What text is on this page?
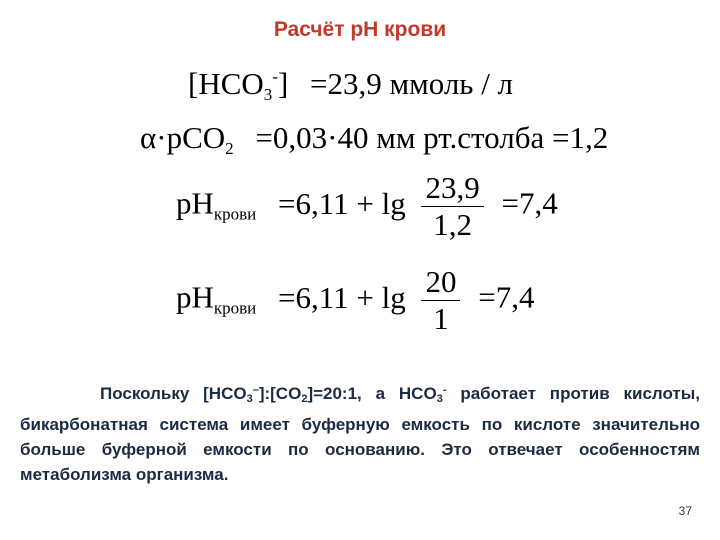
Расчёт рН крови
$[HCO_3^-] =23,9$ ммоль / л
α·pCO$_2$ =0,03·40 мм рт.столба =1,2
$pH_{крови} =6,11 + \lg \frac{23,9}{1,2} =7,4$
$pH_{крови} =6,11 + \lg \frac{20}{1} =7,4$
Поскольку $[HCO_3^-]:[CO_2]=20:1$, а $HCO_3^-$ работает против кислоты, бикарбонатная система имеет буферную емкость по кислоте значительно больше буферной емкости по основанию. Это отвечает особенностям метаболизма организма.
37
